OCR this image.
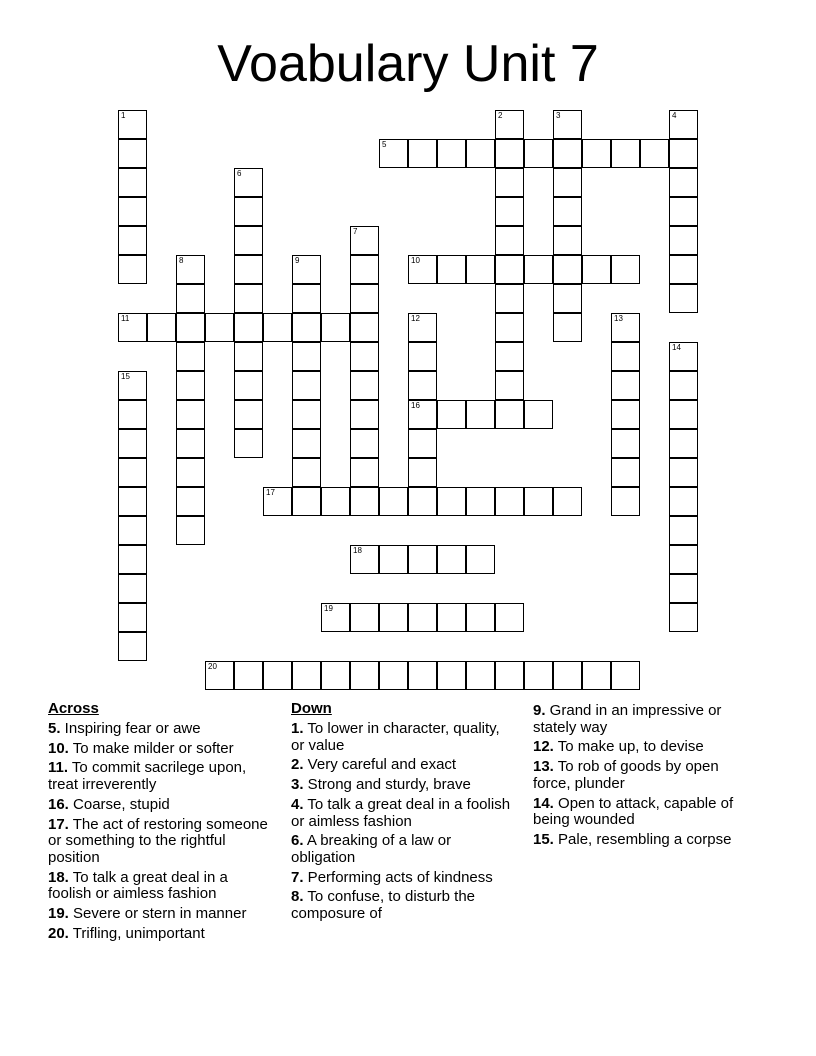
Voabulary Unit 7
1	2	3	4
5
6
7
8	9	10
11	12
16
13
14
15
17
18
19
20
Across
5. Inspiring fear or awe
10. To make milder or softer
11. To commit sacrilege upon, treat irreverently
16. Coarse, stupid
17. The act of restoring someone or something to the rightful position
18. To talk a great deal in a foolish or aimless fashion
19. Severe or stern in manner
20. Trifling, unimportant
Down
1. To lower in character, quality, or value
2. Very careful and exact
3. Strong and sturdy, brave
4. To talk a great deal in a foolish or aimless fashion
6. A breaking of a law or obligation
7. Performing acts of kindness
8. To confuse, to disturb the composure of
9. Grand in an impressive or stately way
12. To make up, to devise
13. To rob of goods by open force, plunder
14. Open to attack, capable of being wounded
15. Pale, resembling a corpse
